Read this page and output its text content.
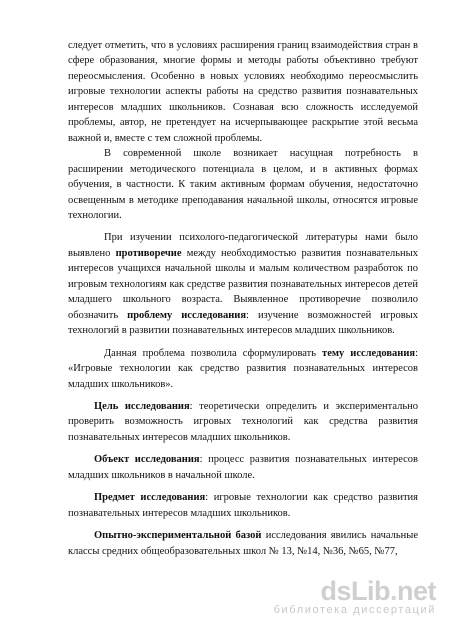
следует отметить, что в условиях расширения границ взаимодействия стран в сфере образования, многие формы и методы работы объективно требуют переосмысления. Особенно в новых условиях необходимо переосмыслить игровые технологии аспекты работы на средство развития познавательных интересов младших школьников. Сознавая всю сложность исследуемой проблемы, автор, не претендует на исчерпывающее раскрытие этой весьма важной и, вместе с тем сложной проблемы.

В современной школе возникает насущная потребность в расширении методического потенциала в целом, и в активных формах обучения, в частности. К таким активным формам обучения, недостаточно освещенным в методике преподавания начальной школы, относятся игровые технологии.

При изучении психолого-педагогической литературы нами было выявлено противоречие между необходимостью развития познавательных интересов учащихся начальной школы и малым количеством разработок по игровым технологиям как средстве развития познавательных интересов детей младшего школьного возраста. Выявленное противоречие позволило обозначить проблему исследования: изучение возможностей игровых технологий в развитии познавательных интересов младших школьников.

Данная проблема позволила сформулировать тему исследования: «Игровые технологии как средство развития познавательных интересов младших школьников».

Цель исследования: теоретически определить и экспериментально проверить возможность игровых технологий как средства развития познавательных интересов младших школьников.

Объект исследования: процесс развития познавательных интересов младших школьников в начальной школе.

Предмет исследования: игровые технологии как средство развития познавательных интересов младших школьников.

Опытно-экспериментальной базой исследования явились начальные классы средних общеобразовательных школ № 13, №14, №36, №65, №77,

dsLib.net
библиотека диссертаций
